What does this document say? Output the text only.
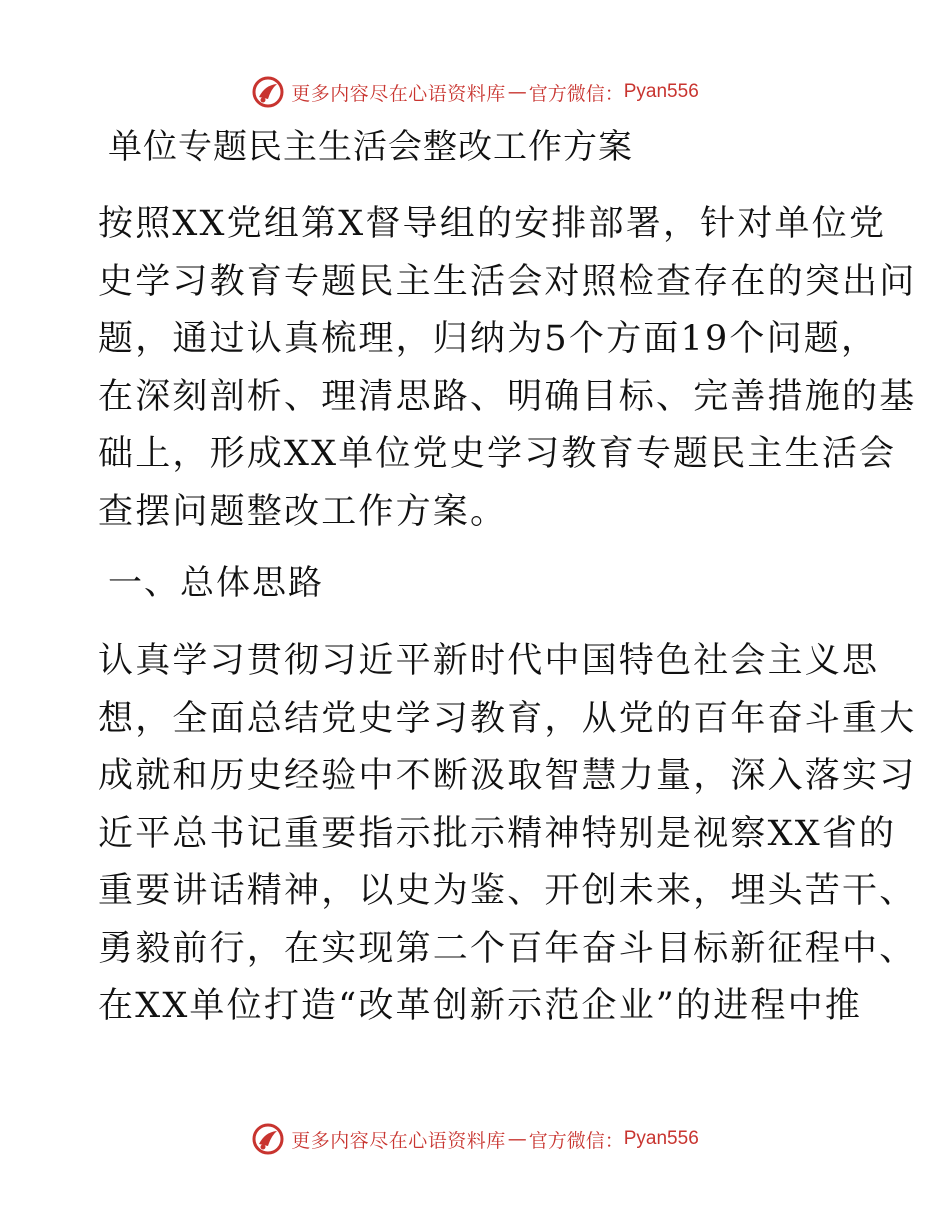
更多内容尽在心语资料库 — 官方微信： Pyan556
单位专题民主生活会整改工作方案
按照XX党组第X督导组的安排部署，针对单位党
史学习教育专题民主生活会对照检查存在的突出问
题，通过认真梳理，归纳为5个方面19个问题，
在深刻剖析、理清思路、明确目标、完善措施的基
础上，形成XX单位党史学习教育专题民主生活会
查摆问题整改工作方案。
一、总体思路
认真学习贯彻习近平新时代中国特色社会主义思
想，全面总结党史学习教育，从党的百年奋斗重大
成就和历史经验中不断汲取智慧力量，深入落实习
近平总书记重要指示批示精神特别是视察XX省的
重要讲话精神，以史为鉴、开创未来，埋头苦干、
勇毅前行，在实现第二个百年奋斗目标新征程中、
在XX单位打造“改革创新示范企业”的进程中推
更多内容尽在心语资料库 — 官方微信： Pyan556
